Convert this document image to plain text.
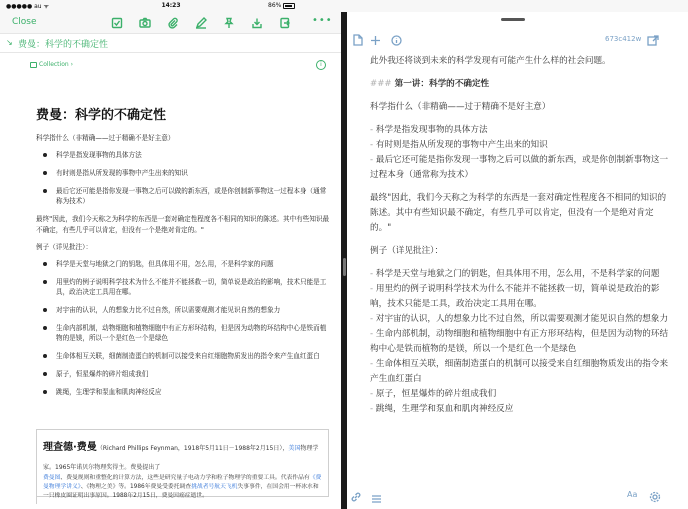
●●●●● au ᯤ	14:23	86%
Close	•••
↘ 费曼：科学的不确定性
Collection ›	i
费曼：科学的不确定性

科学指什么（非精确——过于精确不是好主意）

科学是指发现事物的具体方法
有时则是指从所发现的事物中产生出来的知识
最后它还可能是指你发现一事物之后可以做的新东西，或是你创制新事物这一过程本身（通常称为技术）

最终"因此，我们今天称之为科学的东西是一套对确定性程度各不相同的知识的陈述。其中有些知识最不确定，有些几乎可以肯定，但没有一个是绝对肯定的。"

例子（详见批注）：

科学是天堂与地狱之门的钥匙，但具体用不用，怎么用，不是科学家的问题
用里灼的例子说明科学技术为什么不能并不能拯救一切，简单说是政治的影响，技术只能是工具，政治决定工具用在哪。
对宇宙的认识，人的想象力比不过自然，所以需要观测才能见识自然的想象力
生命内部机制，动物细胞和植物细胞中有正方形环结构，但是因为动物的环结构中心是铁而植物的是镁，所以一个是红色一个是绿色
生命体相互关联，细菌制造蛋白的机制可以接受来自红细胞物质发出的指令来产生血红蛋白
原子，恒星爆炸的碎片组成我们
跳绳，生理学和泵血和肌肉神经反应
理查德·费曼（Richard Phillips Feynman，1918年5月11日－1988年2月15日），美国物理学家。1965年诺贝尔物理奖得主。费曼提出了
费曼图、费曼规则和重整化的计算方法，这些是研究量子电动力学和粒子物理学的重要工具。代表作品有《费曼物理学讲义》、《物理之美》等。1986年费曼受委托调查挑战者号航天飞机失事事件，在国会用一杯冰水和一只橡皮圈证明出事原因。1988年2月15日，费曼因癌症逝世。
673c412w
此外我还将谈到未来的科学发现有可能产生什么样的社会问题。
### 第一讲：科学的不确定性
科学指什么（非精确——过于精确不是好主意）
- 科学是指发现事物的具体方法
- 有时则是指从所发现的事物中产生出来的知识
- 最后它还可能是指你发现一事物之后可以做的新东西，或是你创制新事物这一过程本身（通常称为技术）
最终"因此，我们今天称之为科学的东西是一套对确定性程度各不相同的知识的陈述。其中有些知识最不确定，有些几乎可以肯定，但没有一个是绝对肯定的。"
例子（详见批注）：
- 科学是天堂与地狱之门的钥匙，但具体用不用，怎么用，不是科学家的问题
- 用里灼的例子说明科学技术为什么不能并不能拯救一切，简单说是政治的影响，技术只能是工具，政治决定工具用在哪。
- 对宇宙的认识，人的想象力比不过自然，所以需要观测才能见识自然的想象力
- 生命内部机制，动物细胞和植物细胞中有正方形环结构，但是因为动物的环结构中心是铁而植物的是镁，所以一个是红色一个是绿色
- 生命体相互关联，细菌制造蛋白的机制可以接受来自红细胞物质发出的指令来产生血红蛋白
- 原子，恒星爆炸的碎片组成我们
- 跳绳，生理学和泵血和肌肉神经反应
Aa
